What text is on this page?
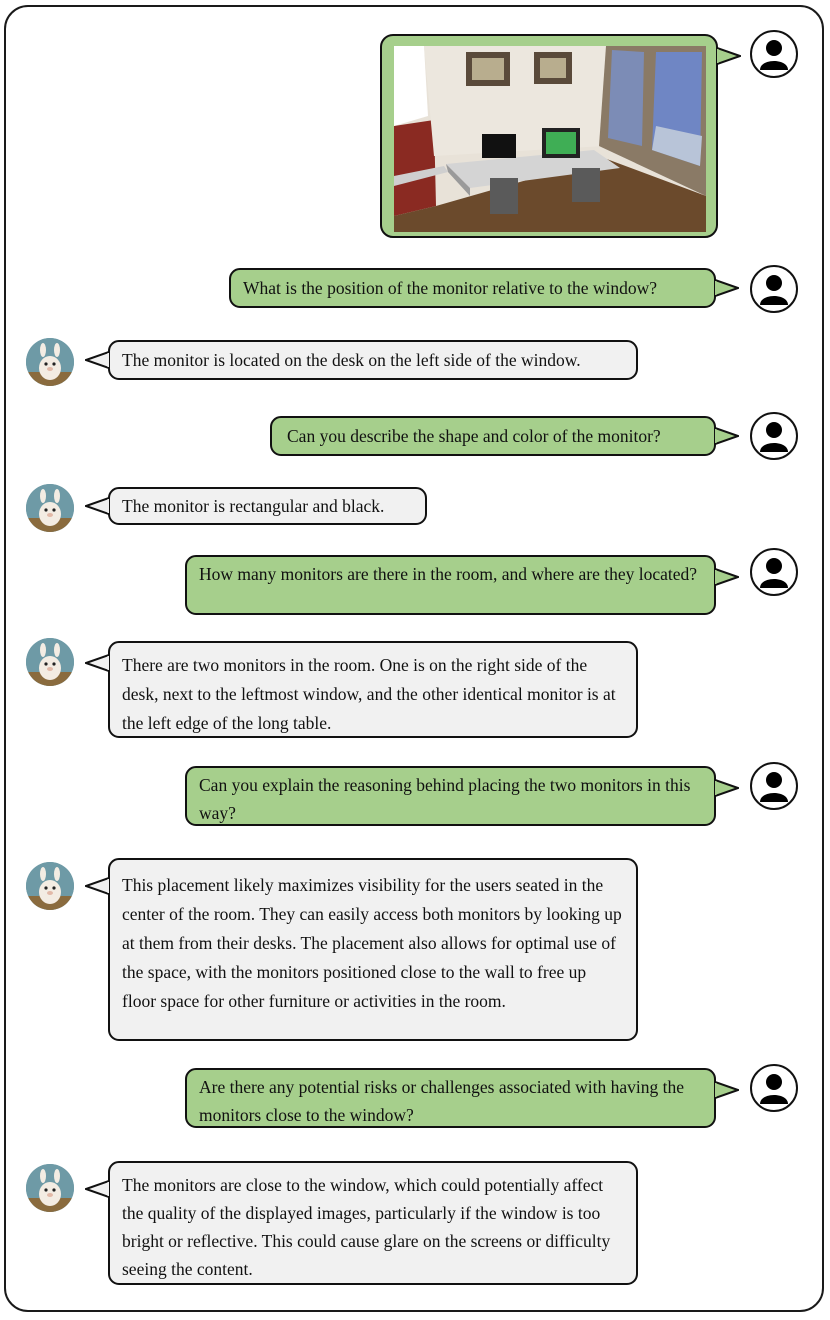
What is the position of the monitor relative to the window?
The monitor is located on the desk on the left side of the window.
Can you describe the shape and color of the monitor?
The monitor is rectangular and black.
How many monitors are there in the room, and where are they located?
There are two monitors in the room. One is on the right side of the desk, next to the leftmost window, and the other identical monitor is at the left edge of the long table.
Can you explain the reasoning behind placing the two monitors in this way?
This placement likely maximizes visibility for the users seated in the center of the room. They can easily access both monitors by looking up at them from their desks. The placement also allows for optimal use of the space, with the monitors positioned close to the wall to free up floor space for other furniture or activities in the room.
Are there any potential risks or challenges associated with having the monitors close to the window?
The monitors are close to the window, which could potentially affect the quality of the displayed images, particularly if the window is too bright or reflective. This could cause glare on the screens or difficulty seeing the content.
